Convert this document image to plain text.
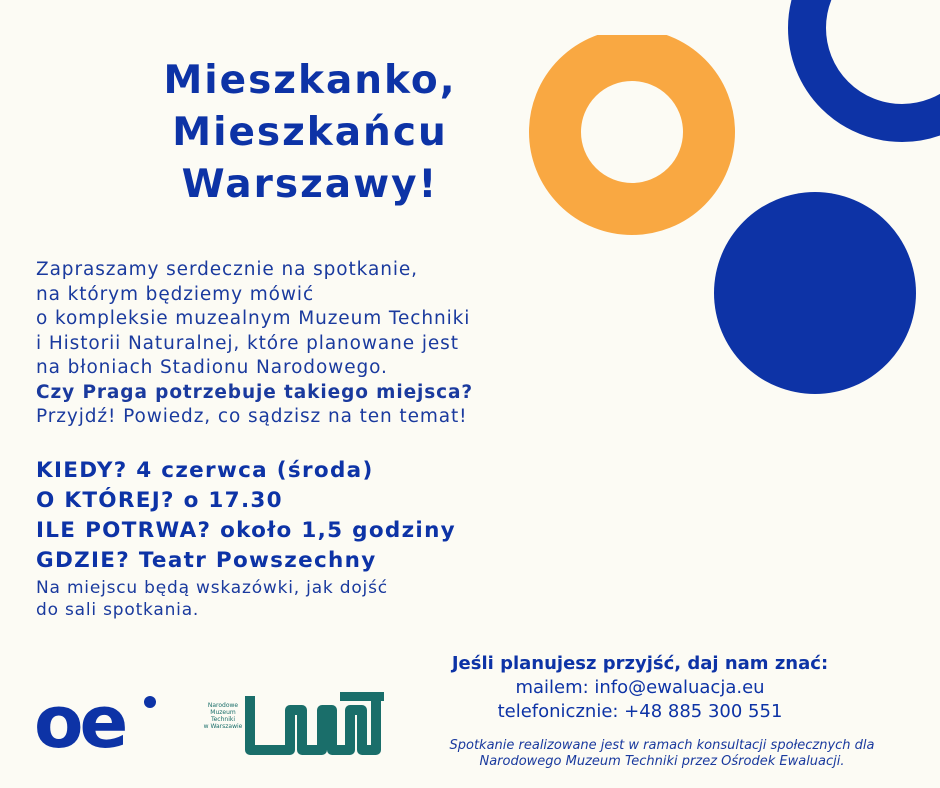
Mieszkanko,
Mieszkańcu
Warszawy!
Zapraszamy serdecznie na spotkanie,
na którym będziemy mówić
o kompleksie muzealnym Muzeum Techniki
i Historii Naturalnej, które planowane jest
na błoniach Stadionu Narodowego.
Czy Praga potrzebuje takiego miejsca?
Przyjdź! Powiedz, co sądzisz na ten temat!
KIEDY? 4 czerwca (środa)
O KTÓREJ? o 17.30
ILE POTRWA? około 1,5 godziny
GDZIE? Teatr Powszechny
Na miejscu będą wskazówki, jak dojść
do sali spotkania.
Jeśli planujesz przyjść, daj nam znać:
mailem: info@ewaluacja.eu
telefonicznie: +48 885 300 551
Spotkanie realizowane jest w ramach konsultacji społecznych dla
Narodowego Muzeum Techniki przez Ośrodek Ewaluacji.
oe	Narodowe
Muzeum
Techniki
w Warszawie
